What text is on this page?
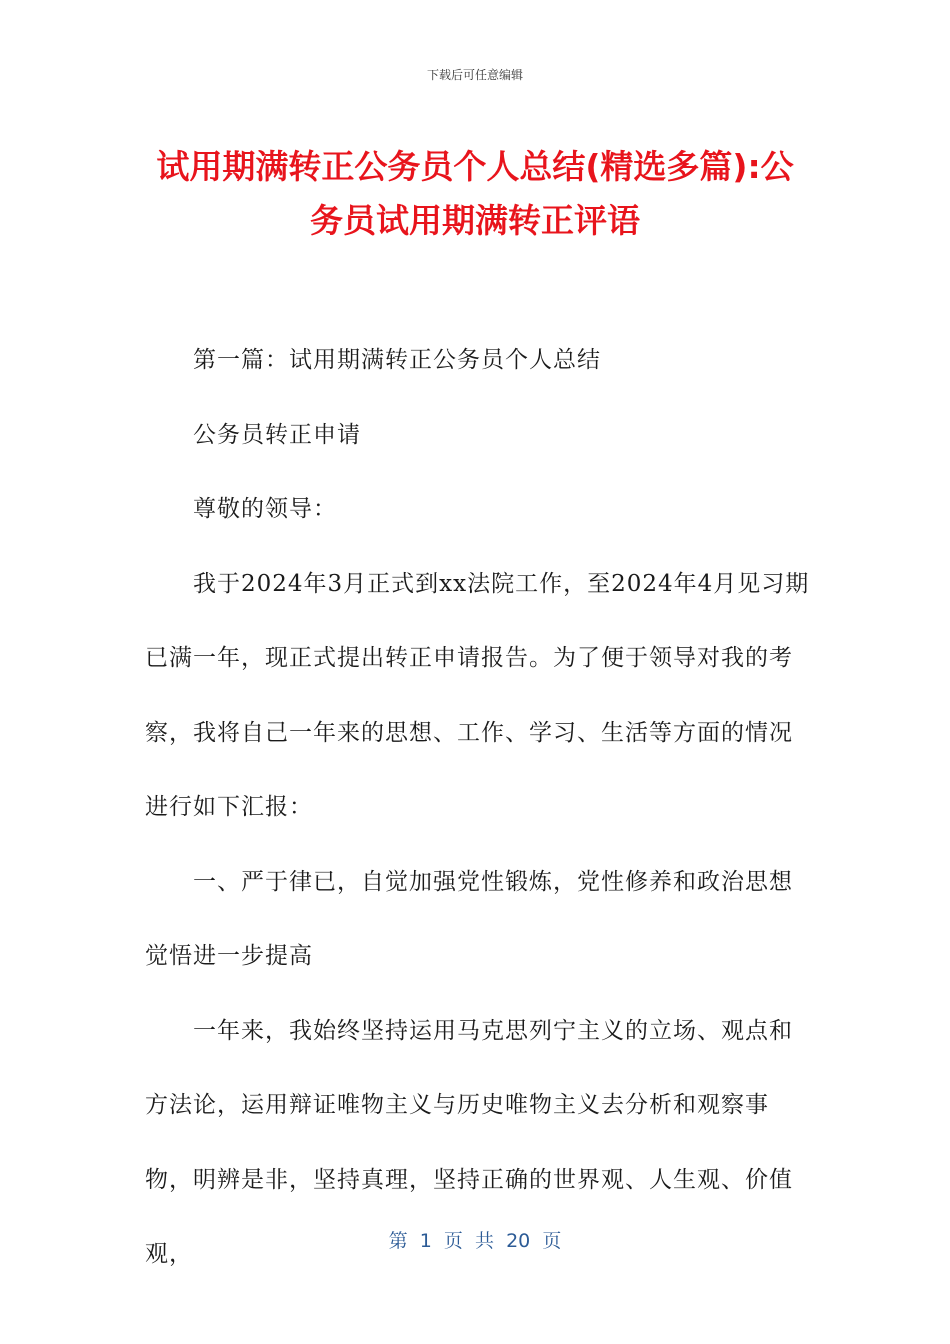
下载后可任意编辑
试用期满转正公务员个人总结(精选多篇):公务员试用期满转正评语

第一篇：试用期满转正公务员个人总结

公务员转正申请

尊敬的领导：

我于2024年3月正式到xx法院工作，至2024年4月见习期已满一年，现正式提出转正申请报告。为了便于领导对我的考察，我将自己一年来的思想、工作、学习、生活等方面的情况进行如下汇报：

一、严于律已，自觉加强党性锻炼，党性修养和政治思想觉悟进一步提高

一年来，我始终坚持运用马克思列宁主义的立场、观点和方法论，运用辩证唯物主义与历史唯物主义去分析和观察事物，明辨是非，坚持真理，坚持正确的世界观、人生观、价值观，	第  1  页  共  20  页
